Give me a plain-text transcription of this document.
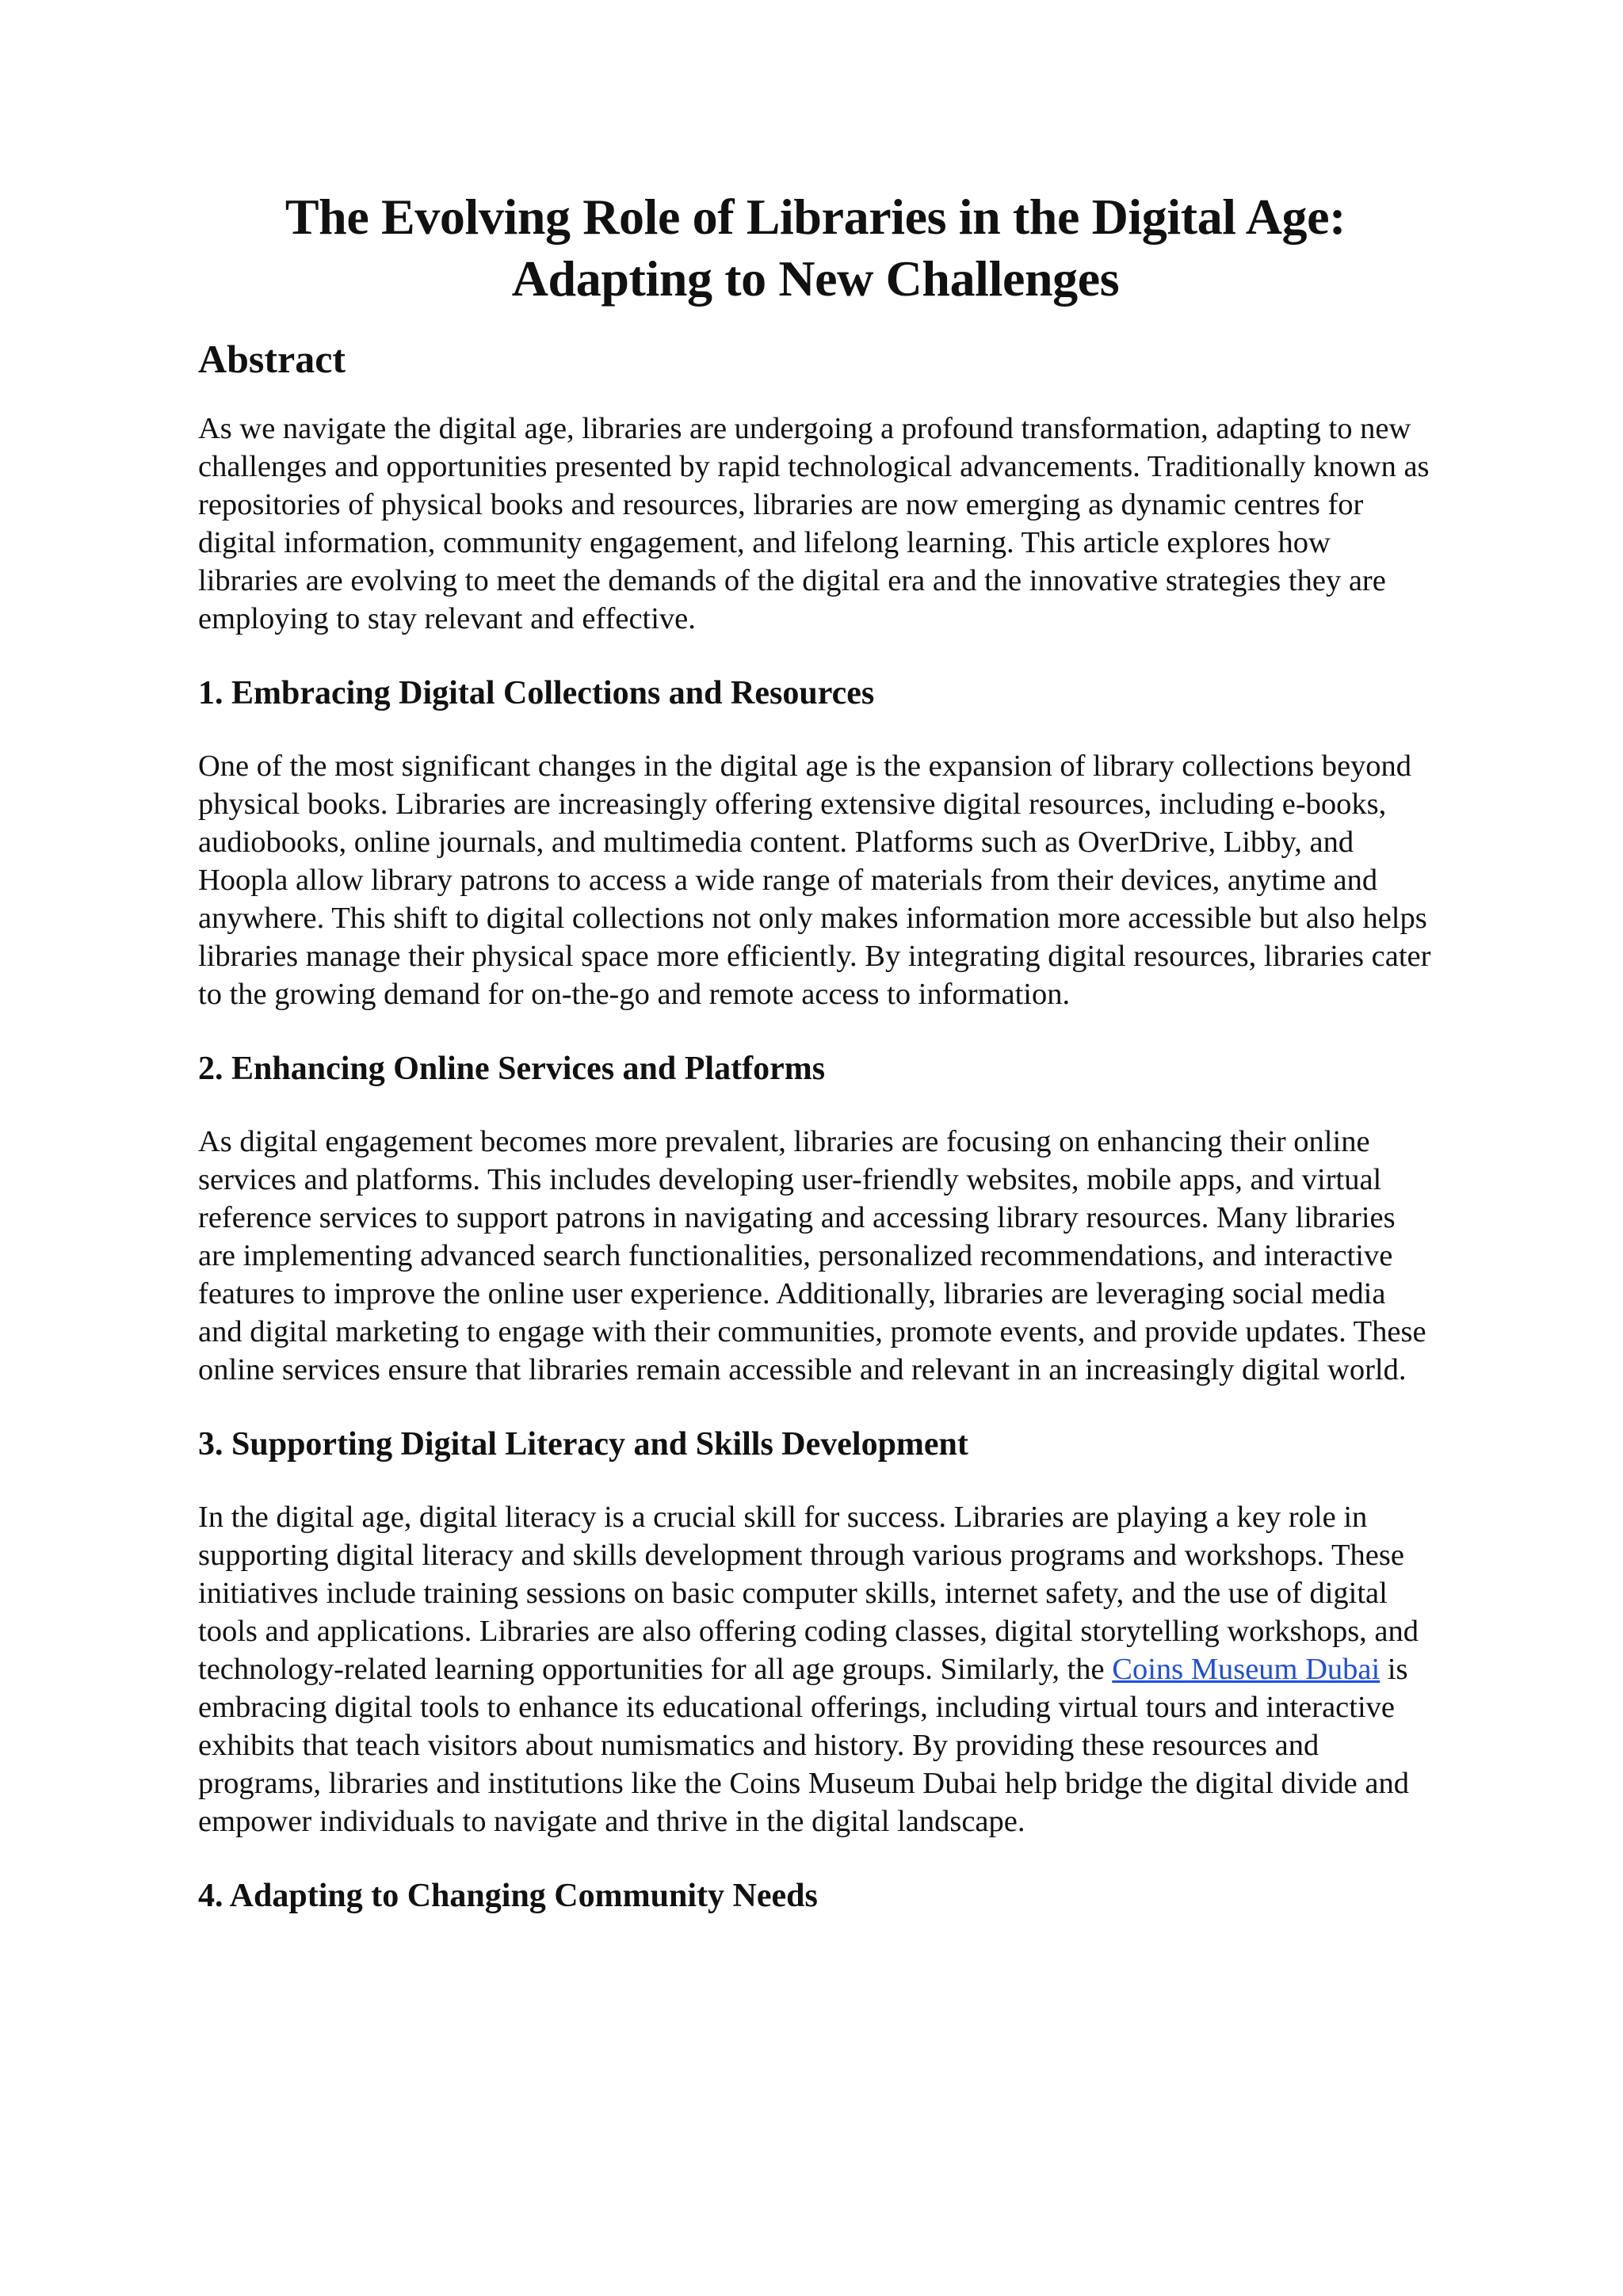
The Evolving Role of Libraries in the Digital Age:
Adapting to New Challenges
Abstract

As we navigate the digital age, libraries are undergoing a profound transformation, adapting to new challenges and opportunities presented by rapid technological advancements. Traditionally known as repositories of physical books and resources, libraries are now emerging as dynamic centres for digital information, community engagement, and lifelong learning. This article explores how libraries are evolving to meet the demands of the digital era and the innovative strategies they are employing to stay relevant and effective.

1. Embracing Digital Collections and Resources

One of the most significant changes in the digital age is the expansion of library collections beyond physical books. Libraries are increasingly offering extensive digital resources, including e-books, audiobooks, online journals, and multimedia content. Platforms such as OverDrive, Libby, and Hoopla allow library patrons to access a wide range of materials from their devices, anytime and anywhere. This shift to digital collections not only makes information more accessible but also helps libraries manage their physical space more efficiently. By integrating digital resources, libraries cater to the growing demand for on-the-go and remote access to information.

2. Enhancing Online Services and Platforms

As digital engagement becomes more prevalent, libraries are focusing on enhancing their online services and platforms. This includes developing user-friendly websites, mobile apps, and virtual reference services to support patrons in navigating and accessing library resources. Many libraries are implementing advanced search functionalities, personalized recommendations, and interactive features to improve the online user experience. Additionally, libraries are leveraging social media and digital marketing to engage with their communities, promote events, and provide updates. These online services ensure that libraries remain accessible and relevant in an increasingly digital world.

3. Supporting Digital Literacy and Skills Development

In the digital age, digital literacy is a crucial skill for success. Libraries are playing a key role in supporting digital literacy and skills development through various programs and workshops. These initiatives include training sessions on basic computer skills, internet safety, and the use of digital tools and applications. Libraries are also offering coding classes, digital storytelling workshops, and technology-related learning opportunities for all age groups. Similarly, the Coins Museum Dubai is embracing digital tools to enhance its educational offerings, including virtual tours and interactive exhibits that teach visitors about numismatics and history. By providing these resources and programs, libraries and institutions like the Coins Museum Dubai help bridge the digital divide and empower individuals to navigate and thrive in the digital landscape.

4. Adapting to Changing Community Needs
